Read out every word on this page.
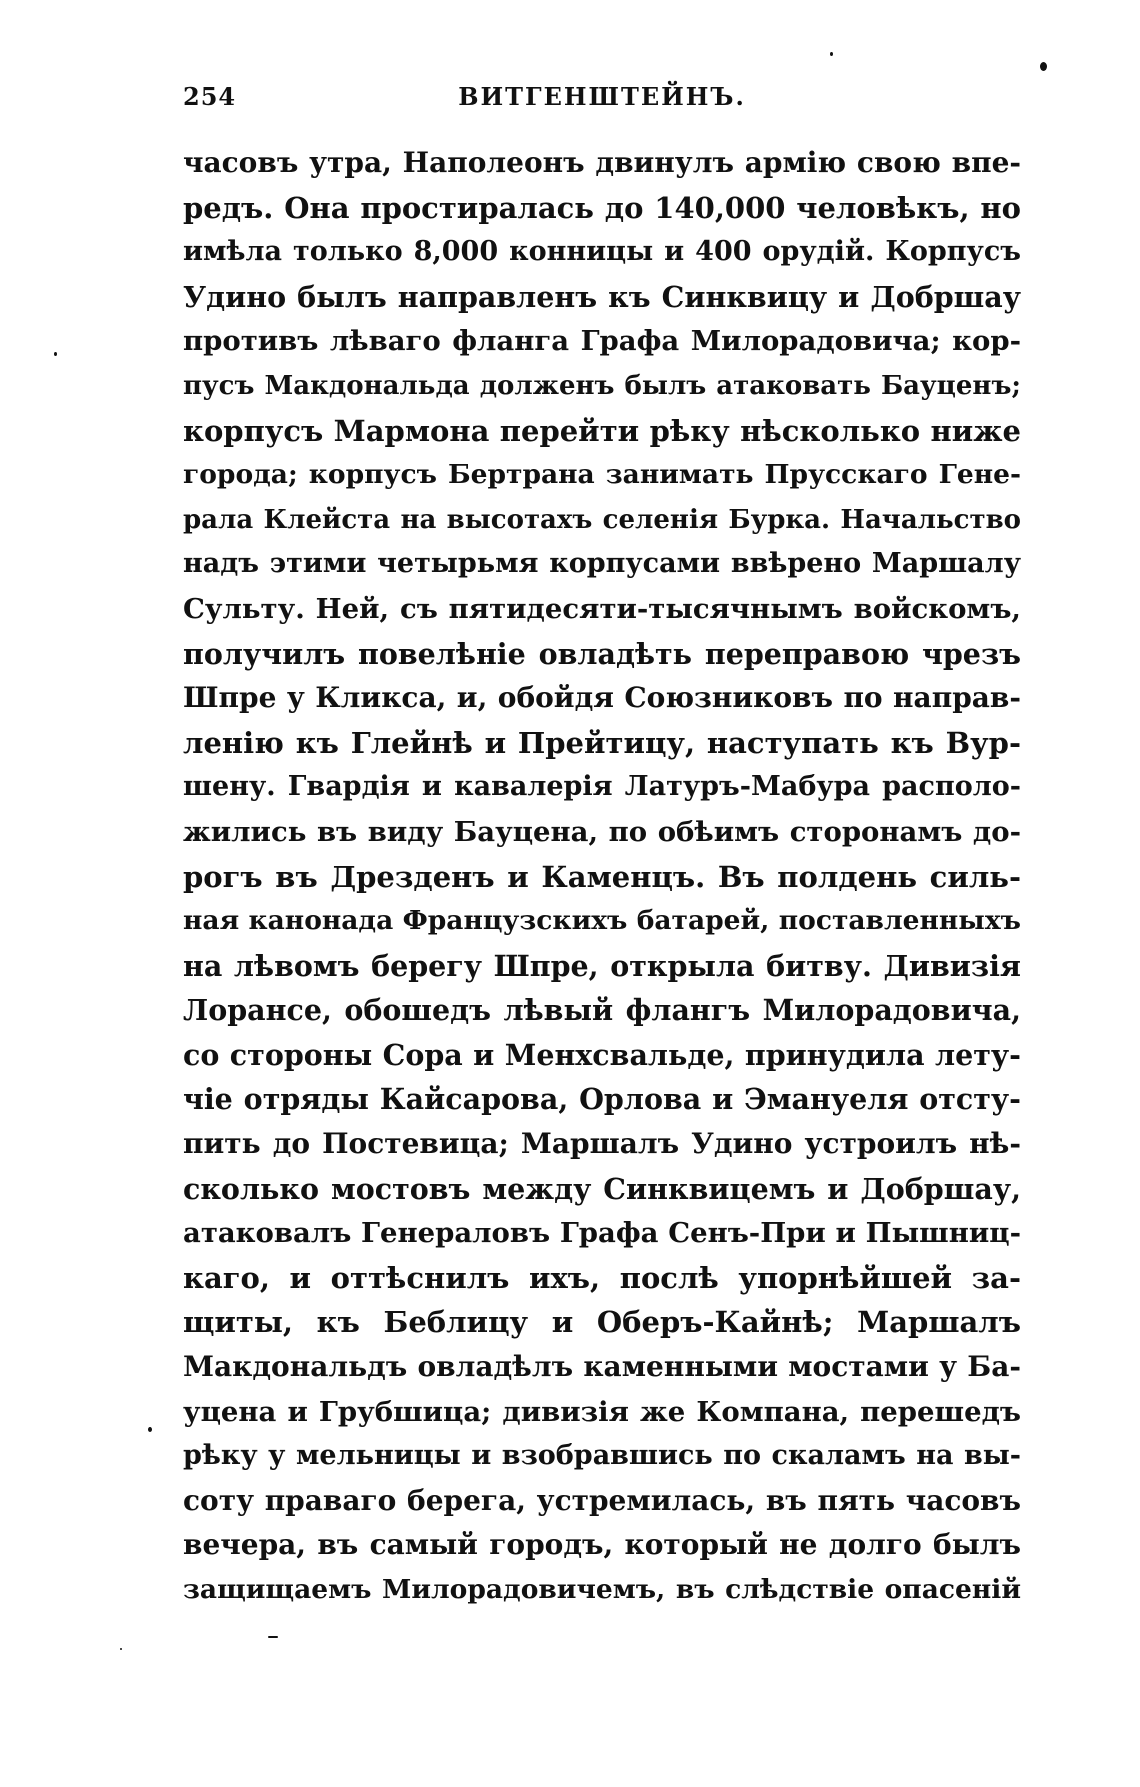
254	ВИТГЕНШТЕЙНЪ.
часовъ утра, Наполеонъ двинулъ армію свою впе-
редъ. Она простиралась до 140,000 человѣкъ, но
имѣла только 8,000 конницы и 400 орудій. Корпусъ
Удино былъ направленъ къ Синквицу и Добршау
противъ лѣваго фланга Графа Милорадовича; кор-
пусъ Макдональда долженъ былъ атаковать Бауценъ;
корпусъ Мармона перейти рѣку нѣсколько ниже
города; корпусъ Бертрана занимать Прусскаго Гене-
рала Клейста на высотахъ селенія Бурка. Начальство
надъ этими четырьмя корпусами ввѣрено Маршалу
Сульту. Ней, съ пятидесяти-тысячнымъ войскомъ,
получилъ повелѣніе овладѣть переправою чрезъ
Шпре у Кликса, и, обойдя Союзниковъ по направ-
ленію къ Глейнѣ и Прейтицу, наступать къ Вур-
шену. Гвардія и кавалерія Латуръ-Мабура располо-
жились въ виду Бауцена, по обѣимъ сторонамъ до-
рогъ въ Дрезденъ и Каменцъ. Въ полдень силь-
ная канонада Французскихъ батарей, поставленныхъ
на лѣвомъ берегу Шпре, открыла битву. Дивизія
Лорансе, обошедъ лѣвый флангъ Милорадовича,
со стороны Сора и Менхсвальде, принудила лету-
чіе отряды Кайсарова, Орлова и Эмануеля отсту-
пить до Постевица; Маршалъ Удино устроилъ нѣ-
сколько мостовъ между Синквицемъ и Добршау,
атаковалъ Генераловъ Графа Сенъ-При и Пышниц-
каго, и оттѣснилъ ихъ, послѣ упорнѣйшей за-
щиты, къ Беблицу и Оберъ-Кайнѣ; Маршалъ
Макдональдъ овладѣлъ каменными мостами у Ба-
уцена и Грубшица; дивизія же Компана, перешедъ
рѣку у мельницы и взобравшись по скаламъ на вы-
соту праваго берега, устремилась, въ пять часовъ
вечера, въ самый городъ, который не долго былъ
защищаемъ Милорадовичемъ, въ слѣдствіе опасеній
